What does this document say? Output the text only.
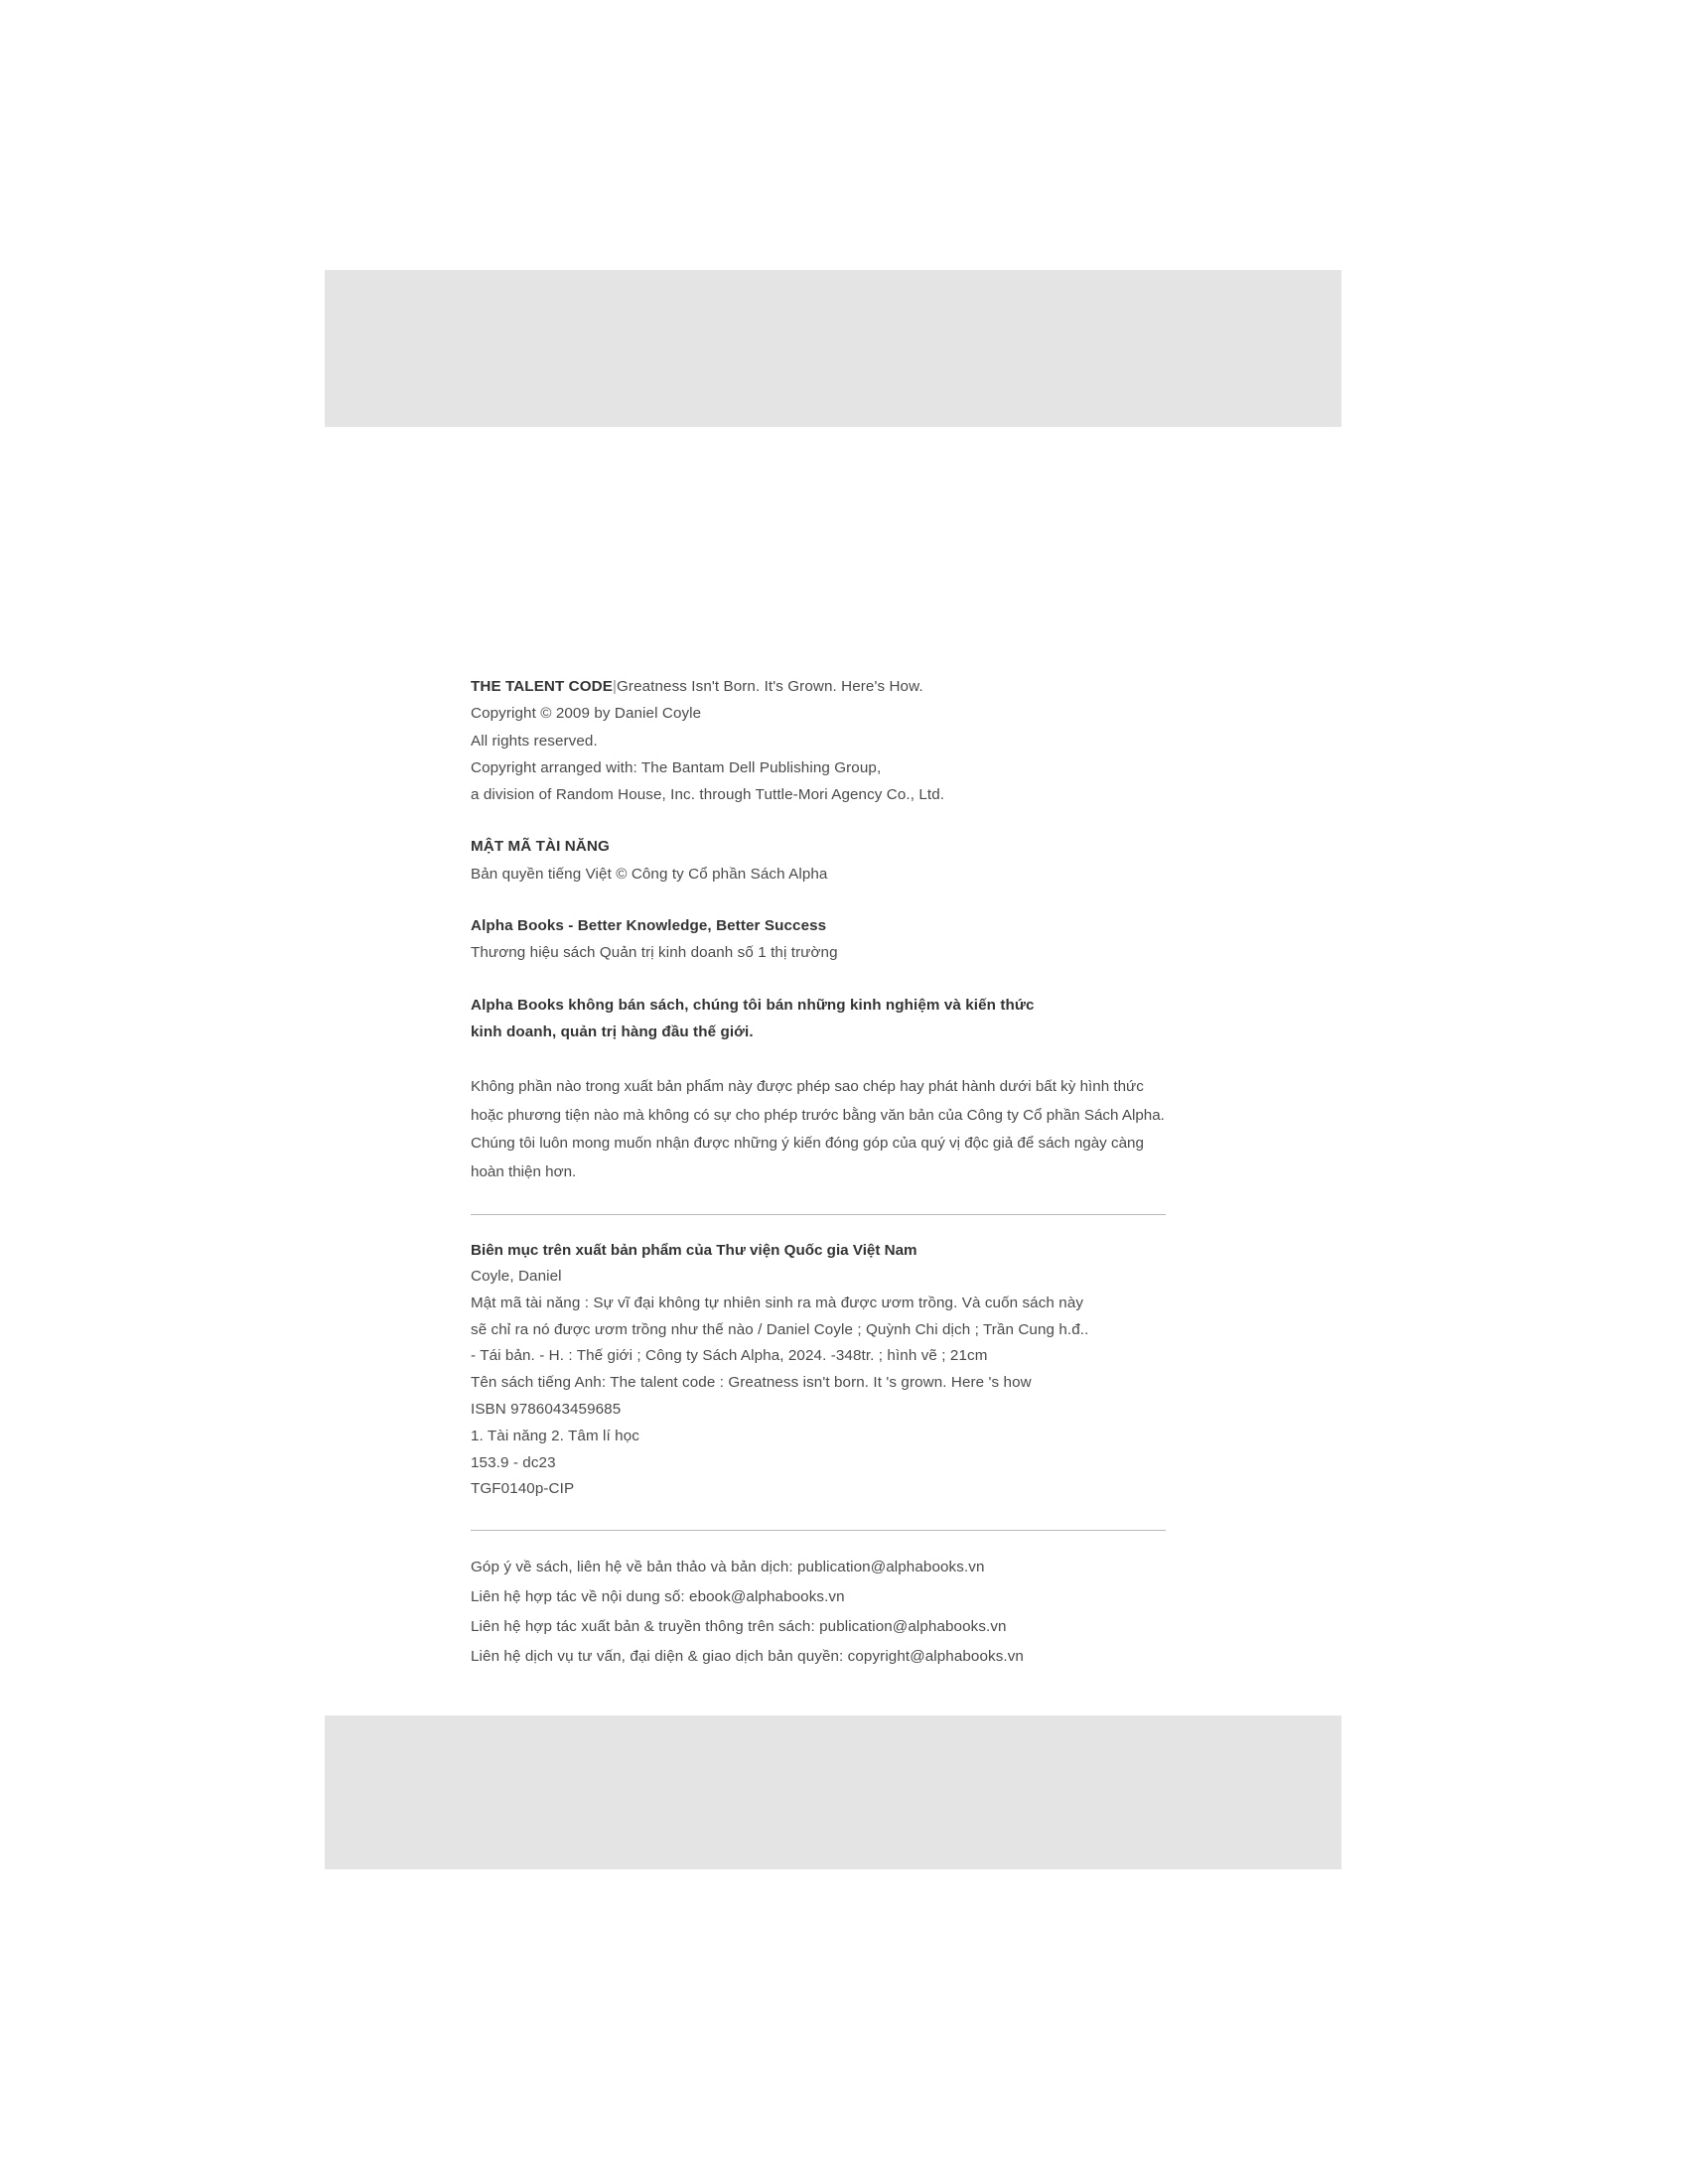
THE TALENT CODE|Greatness Isn't Born. It's Grown. Here's How.
Copyright © 2009 by Daniel Coyle
All rights reserved.
Copyright arranged with: The Bantam Dell Publishing Group,
a division of Random House, Inc. through Tuttle-Mori Agency Co., Ltd.
MẬT MÃ TÀI NĂNG
Bản quyền tiếng Việt © Công ty Cổ phần Sách Alpha
Alpha Books - Better Knowledge, Better Success
Thương hiệu sách Quản trị kinh doanh số 1 thị trường
Alpha Books không bán sách, chúng tôi bán những kinh nghiệm và kiến thức
kinh doanh, quản trị hàng đầu thế giới.
Không phần nào trong xuất bản phẩm này được phép sao chép hay phát hành dưới bất kỳ hình thức hoặc phương tiện nào mà không có sự cho phép trước bằng văn bản của Công ty Cổ phần Sách Alpha. Chúng tôi luôn mong muốn nhận được những ý kiến đóng góp của quý vị độc giả để sách ngày càng hoàn thiện hơn.
Biên mục trên xuất bản phẩm của Thư viện Quốc gia Việt Nam
Coyle, Daniel
Mật mã tài năng : Sự vĩ đại không tự nhiên sinh ra mà được ươm trồng. Và cuốn sách này
sẽ chỉ ra nó được ươm trồng như thế nào / Daniel Coyle ; Quỳnh Chi dịch ; Trần Cung h.đ..
- Tái bản. - H. : Thế giới ; Công ty Sách Alpha, 2024. -348tr. ; hình vẽ ; 21cm
Tên sách tiếng Anh: The talent code : Greatness isn't born. It 's grown. Here 's how
ISBN 9786043459685
1. Tài năng 2. Tâm lí học
153.9 - dc23
TGF0140p-CIP
Góp ý về sách, liên hệ về bản thảo và bản dịch: publication@alphabooks.vn
Liên hệ hợp tác về nội dung số: ebook@alphabooks.vn
Liên hệ hợp tác xuất bản & truyền thông trên sách: publication@alphabooks.vn
Liên hệ dịch vụ tư vấn, đại diện & giao dịch bản quyền: copyright@alphabooks.vn
